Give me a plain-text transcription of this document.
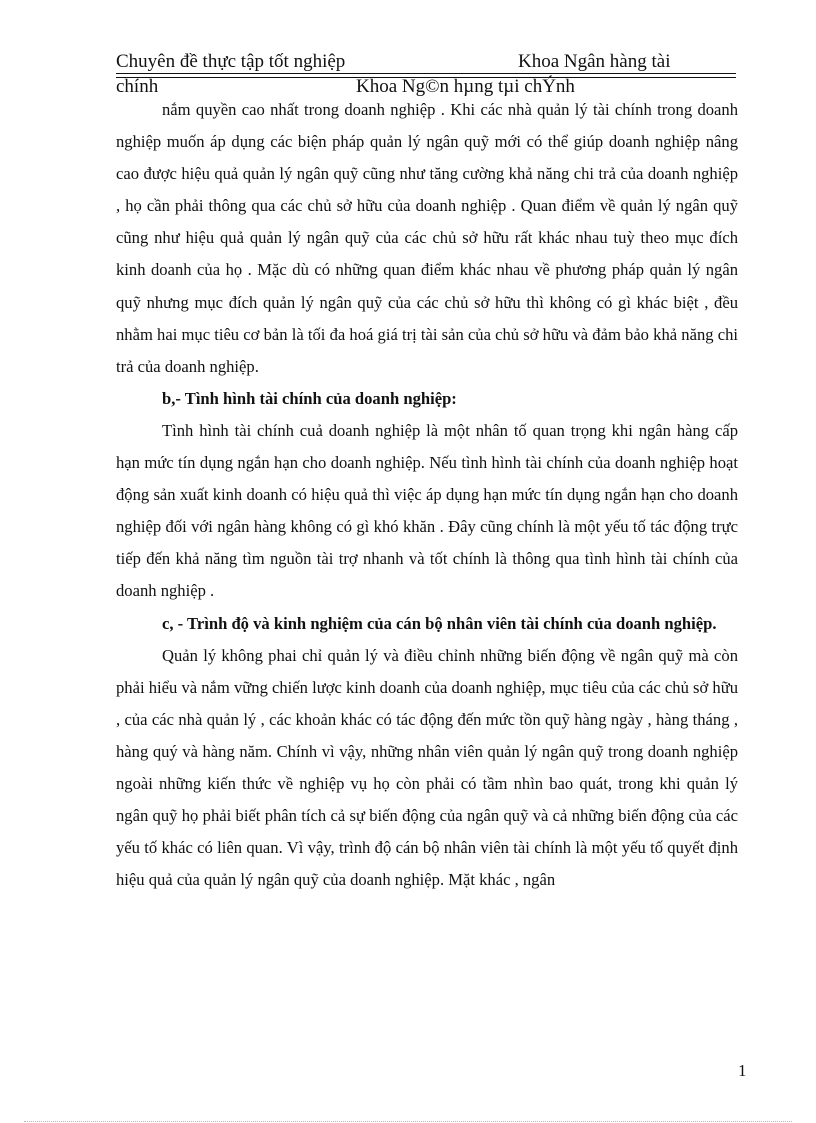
Chuyên đề thực tập tốt nghiệp	Khoa Ngân hàng tài
chính	Khoa Ng©n hµng tµi chÝnh

nắm quyền cao nhất trong doanh nghiệp . Khi các nhà quản lý tài chính trong doanh nghiệp muốn áp dụng các biện pháp quản lý ngân quỹ mới có thể giúp doanh nghiệp nâng cao được hiệu quả quản lý ngân quỹ cũng như tăng cường khả năng chi trả của doanh nghiệp , họ cần phải thông qua các chủ sở hữu của doanh nghiệp . Quan điểm về quản lý ngân quỹ cũng như hiệu quả quản lý ngân quỹ của các chủ sở hữu rất khác nhau tuỳ theo mục đích kinh doanh của họ . Mặc dù có những quan điểm khác nhau về phương pháp quản lý ngân quỹ nhưng mục đích quản lý ngân quỹ của các chủ sở hữu thì không có gì khác biệt , đều nhằm hai mục tiêu cơ bản là tối đa hoá giá trị tài sản của chủ sở hữu và đảm bảo khả năng chi trả của doanh nghiệp.

b,- Tình hình tài chính của doanh nghiệp:

Tình hình tài chính cuả doanh nghiệp là một nhân tố quan trọng khi ngân hàng cấp hạn mức tín dụng ngắn hạn cho doanh nghiệp. Nếu tình hình tài chính của doanh nghiệp hoạt động sản xuất kinh doanh có hiệu quả thì việc áp dụng hạn mức tín dụng ngắn hạn cho doanh nghiệp đối với ngân hàng không có gì khó khăn . Đây cũng chính là một yếu tố tác động trực tiếp đến khả năng tìm nguồn tài trợ nhanh và tốt chính là thông qua tình hình tài chính của doanh nghiệp .

c, - Trình độ và kinh nghiệm của cán bộ nhân viên tài chính của doanh nghiệp.

Quản lý không phai chỉ quản lý và điều chỉnh những biến động về ngân quỹ mà còn phải hiểu và nắm vững chiến lược kinh doanh của doanh nghiệp, mục tiêu của các chủ sở hữu , của các nhà quản lý , các khoản khác có tác động đến mức tồn quỹ hàng ngày , hàng tháng , hàng quý và hàng năm. Chính vì vậy, những nhân viên quản lý ngân quỹ trong doanh nghiệp ngoài những kiến thức về nghiệp vụ họ còn phải có tầm nhìn bao quát, trong khi quản lý ngân quỹ họ phải biết phân tích cả sự biến động của ngân quỹ và cả những biến động của các yếu tố khác có liên quan. Vì vậy, trình độ cán bộ nhân viên tài chính là một yếu tố quyết định hiệu quả của quản lý ngân quỹ của doanh nghiệp. Mặt khác , ngân

1
